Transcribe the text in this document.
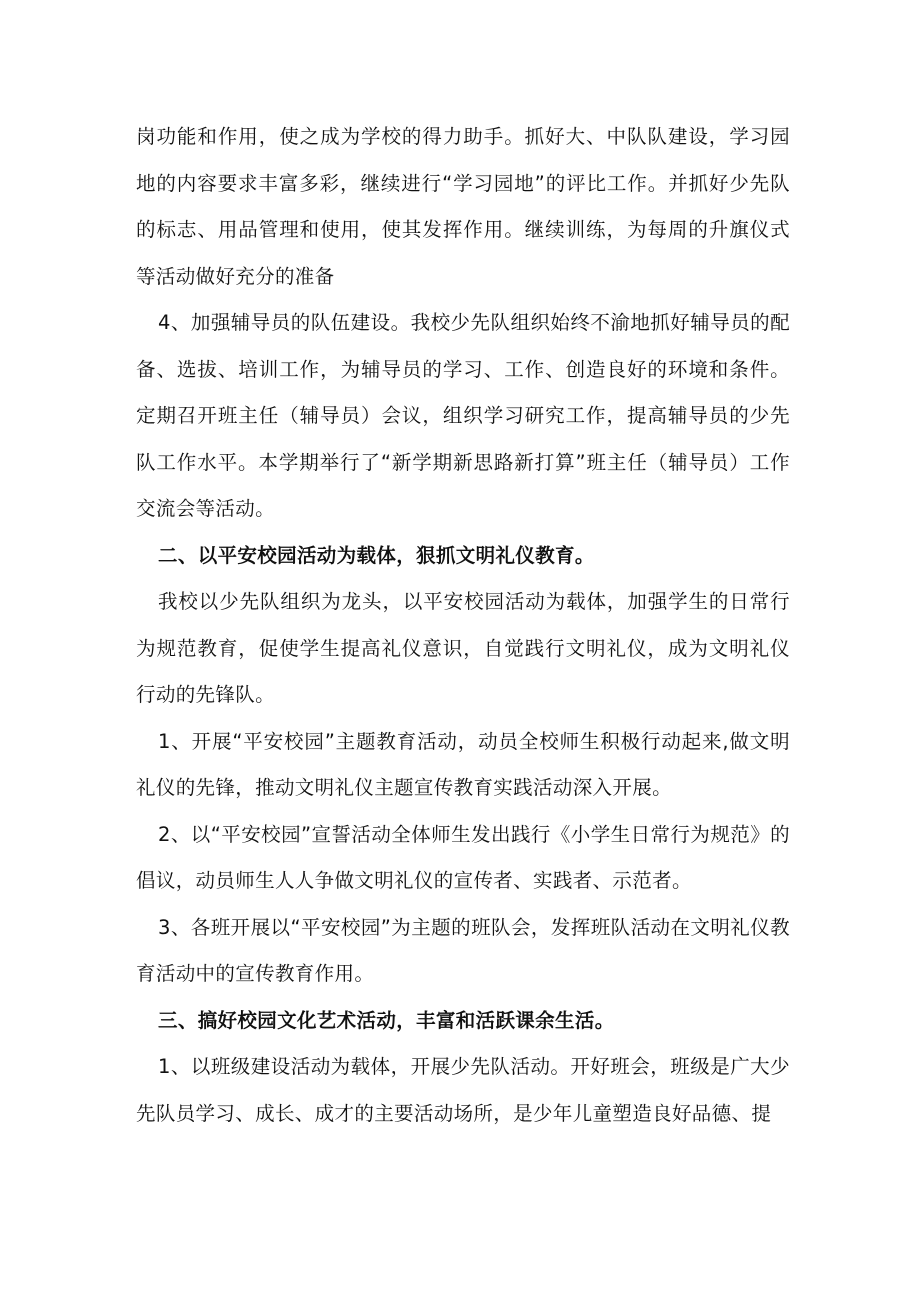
岗功能和作用，使之成为学校的得力助手。抓好大、中队队建设，学习园地的内容要求丰富多彩，继续进行“学习园地”的评比工作。并抓好少先队的标志、用品管理和使用，使其发挥作用。继续训练，为每周的升旗仪式等活动做好充分的准备

4、加强辅导员的队伍建设。我校少先队组织始终不渝地抓好辅导员的配备、选拔、培训工作，为辅导员的学习、工作、创造良好的环境和条件。定期召开班主任（辅导员）会议，组织学习研究工作，提高辅导员的少先队工作水平。本学期举行了“新学期新思路新打算”班主任（辅导员）工作交流会等活动。

二、以平安校园活动为载体，狠抓文明礼仪教育。

我校以少先队组织为龙头，以平安校园活动为载体，加强学生的日常行为规范教育，促使学生提高礼仪意识，自觉践行文明礼仪，成为文明礼仪行动的先锋队。

1、开展“平安校园”主题教育活动，动员全校师生积极行动起来,做文明礼仪的先锋，推动文明礼仪主题宣传教育实践活动深入开展。

2、以“平安校园”宣誓活动全体师生发出践行《小学生日常行为规范》的倡议，动员师生人人争做文明礼仪的宣传者、实践者、示范者。

3、各班开展以“平安校园”为主题的班队会，发挥班队活动在文明礼仪教育活动中的宣传教育作用。

三、搞好校园文化艺术活动，丰富和活跃课余生活。

1、以班级建设活动为载体，开展少先队活动。开好班会，班级是广大少先队员学习、成长、成才的主要活动场所，是少年儿童塑造良好品德、提
